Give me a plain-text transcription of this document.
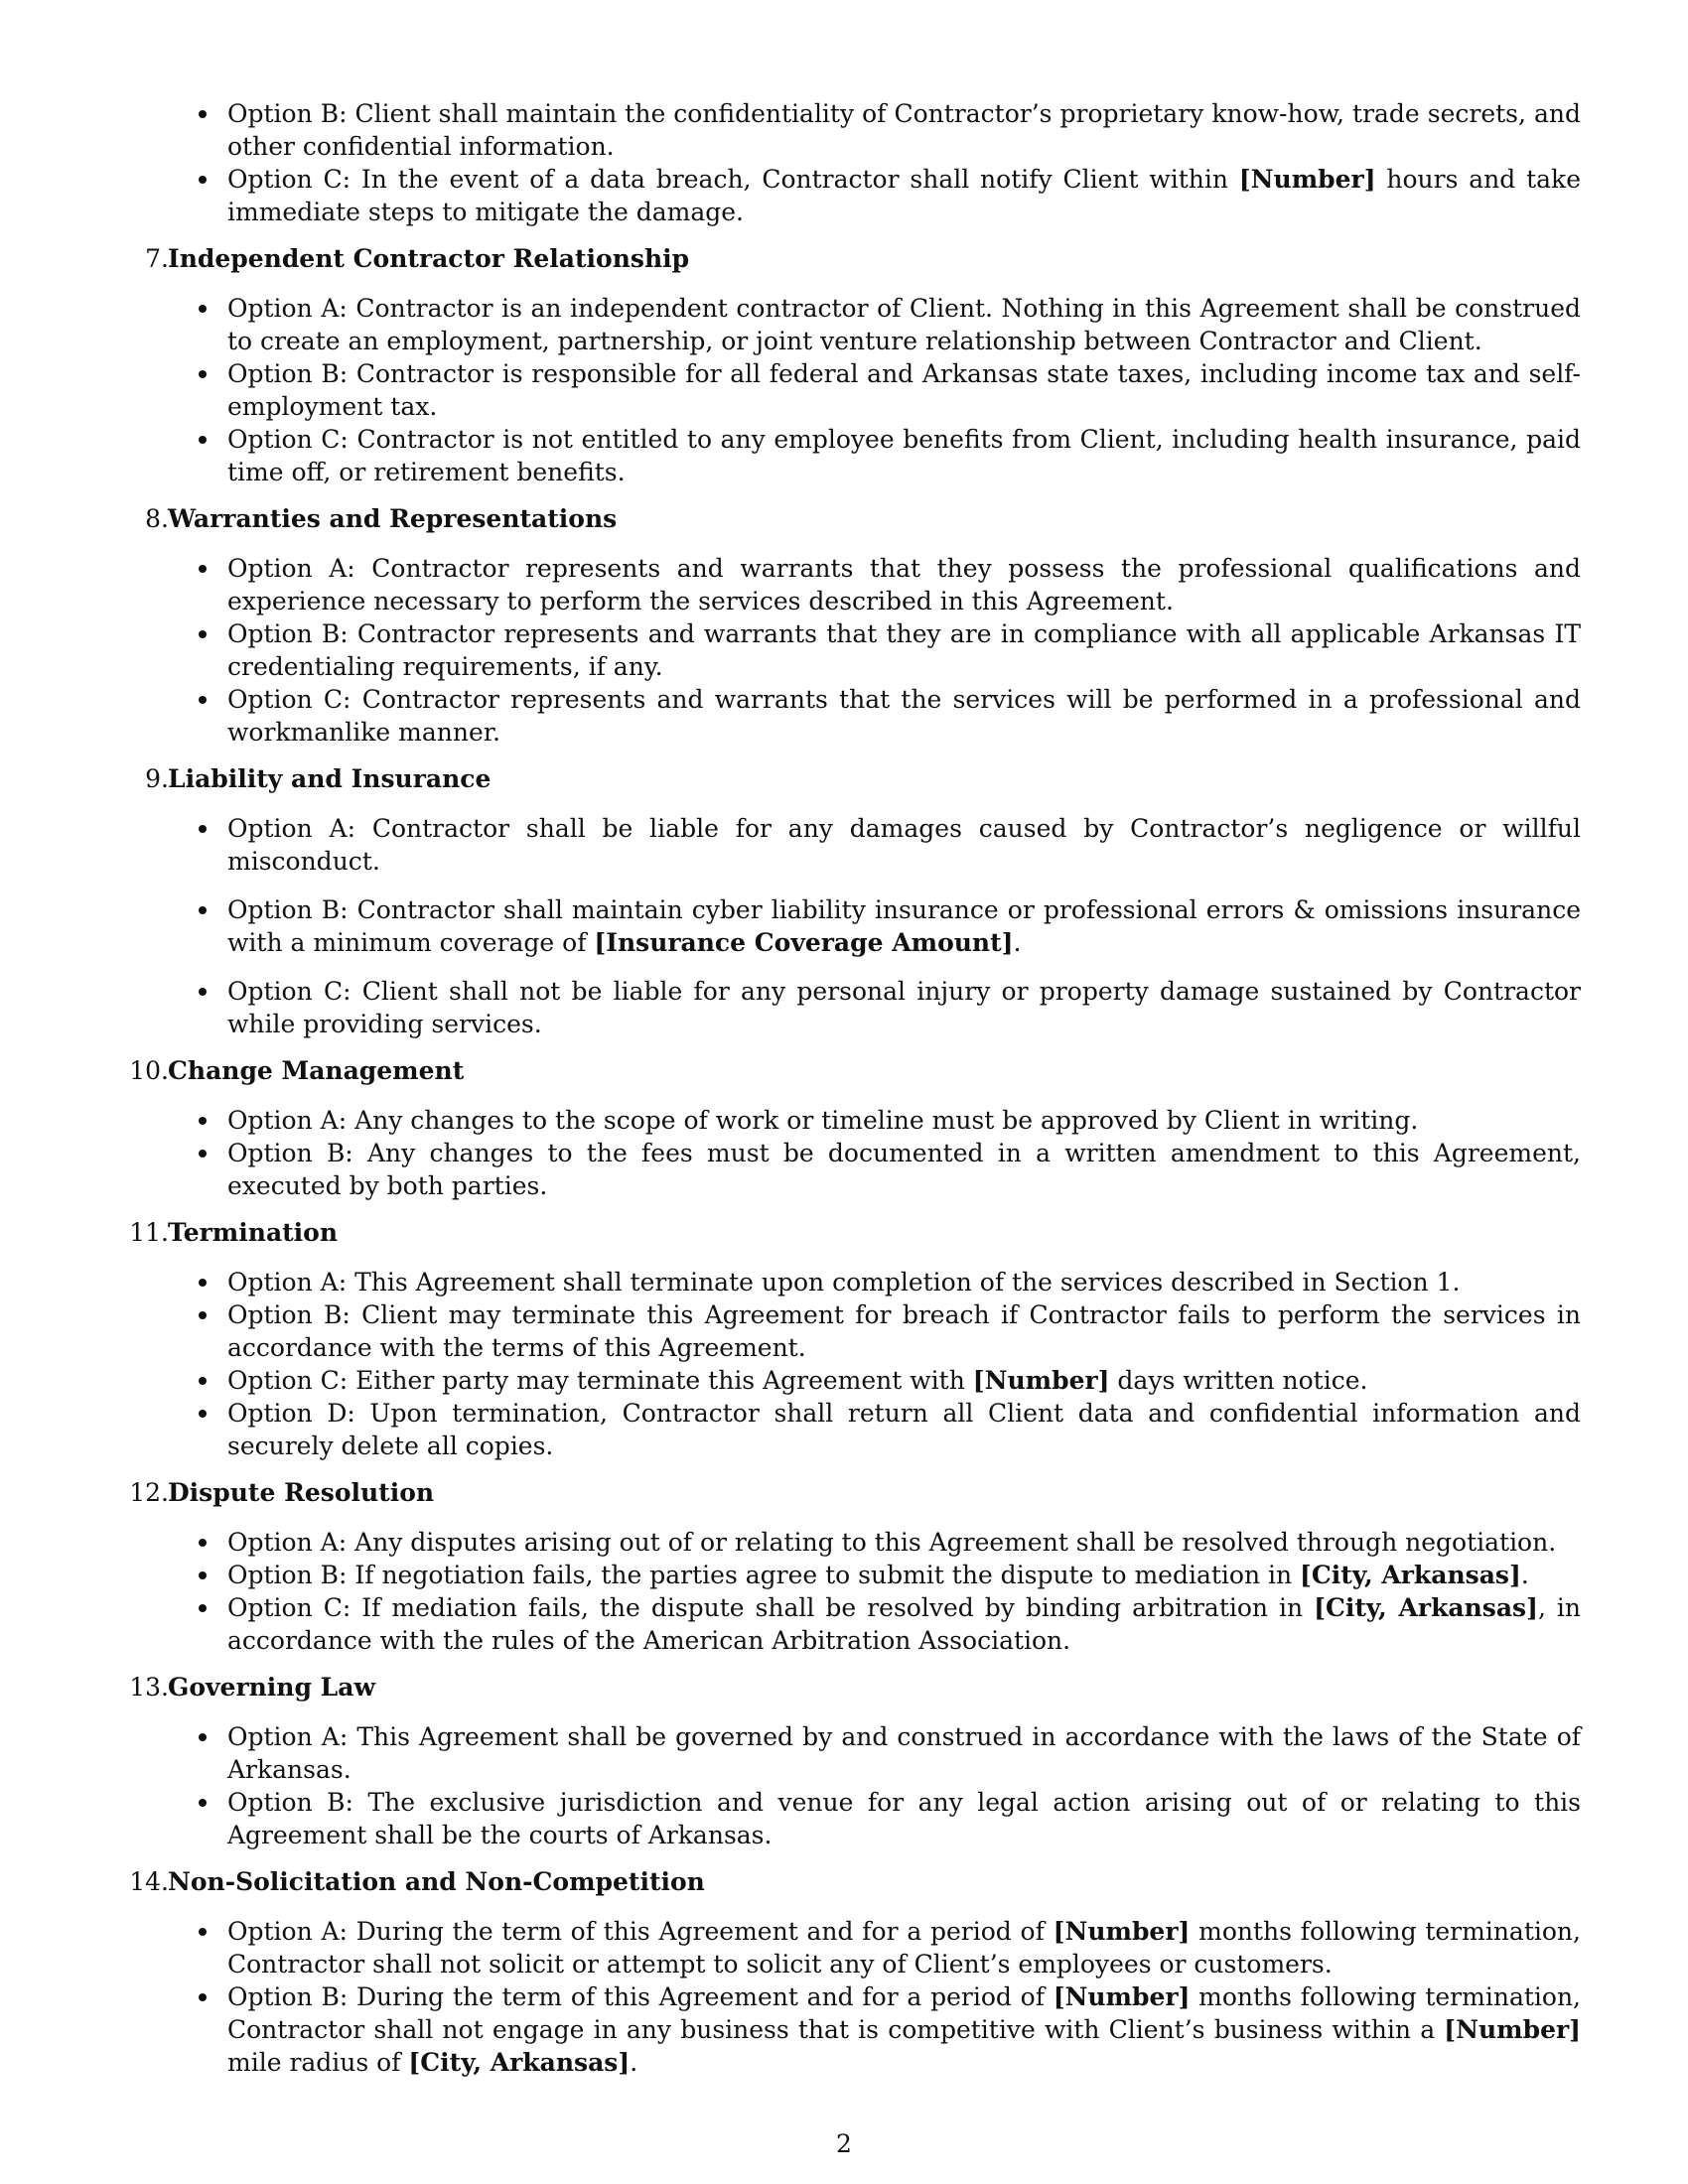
Option B: Client shall maintain the confidentiality of Contractor’s proprietary know-how, trade secrets, and other confidential information.
Option C: In the event of a data breach, Contractor shall notify Client within [Number] hours and take immediate steps to mitigate the damage.
7. Independent Contractor Relationship
Option A: Contractor is an independent contractor of Client. Nothing in this Agreement shall be construed to create an employment, partnership, or joint venture relationship between Contractor and Client.
Option B: Contractor is responsible for all federal and Arkansas state taxes, including income tax and self-employment tax.
Option C: Contractor is not entitled to any employee benefits from Client, including health insurance, paid time off, or retirement benefits.
8. Warranties and Representations
Option A: Contractor represents and warrants that they possess the professional qualifications and experience necessary to perform the services described in this Agreement.
Option B: Contractor represents and warrants that they are in compliance with all applicable Arkansas IT credentialing requirements, if any.
Option C: Contractor represents and warrants that the services will be performed in a professional and workmanlike manner.
9. Liability and Insurance
Option A: Contractor shall be liable for any damages caused by Contractor’s negligence or willful misconduct.
Option B: Contractor shall maintain cyber liability insurance or professional errors & omissions insurance with a minimum coverage of [Insurance Coverage Amount].
Option C: Client shall not be liable for any personal injury or property damage sustained by Contractor while providing services.
10. Change Management
Option A: Any changes to the scope of work or timeline must be approved by Client in writing.
Option B: Any changes to the fees must be documented in a written amendment to this Agreement, executed by both parties.
11. Termination
Option A: This Agreement shall terminate upon completion of the services described in Section 1.
Option B: Client may terminate this Agreement for breach if Contractor fails to perform the services in accordance with the terms of this Agreement.
Option C: Either party may terminate this Agreement with [Number] days written notice.
Option D: Upon termination, Contractor shall return all Client data and confidential information and securely delete all copies.
12. Dispute Resolution
Option A: Any disputes arising out of or relating to this Agreement shall be resolved through negotiation.
Option B: If negotiation fails, the parties agree to submit the dispute to mediation in [City, Arkansas].
Option C: If mediation fails, the dispute shall be resolved by binding arbitration in [City, Arkansas], in accordance with the rules of the American Arbitration Association.
13. Governing Law
Option A: This Agreement shall be governed by and construed in accordance with the laws of the State of Arkansas.
Option B: The exclusive jurisdiction and venue for any legal action arising out of or relating to this Agreement shall be the courts of Arkansas.
14. Non-Solicitation and Non-Competition
Option A: During the term of this Agreement and for a period of [Number] months following termination, Contractor shall not solicit or attempt to solicit any of Client’s employees or customers.
Option B: During the term of this Agreement and for a period of [Number] months following termination, Contractor shall not engage in any business that is competitive with Client’s business within a [Number] mile radius of [City, Arkansas].
2
